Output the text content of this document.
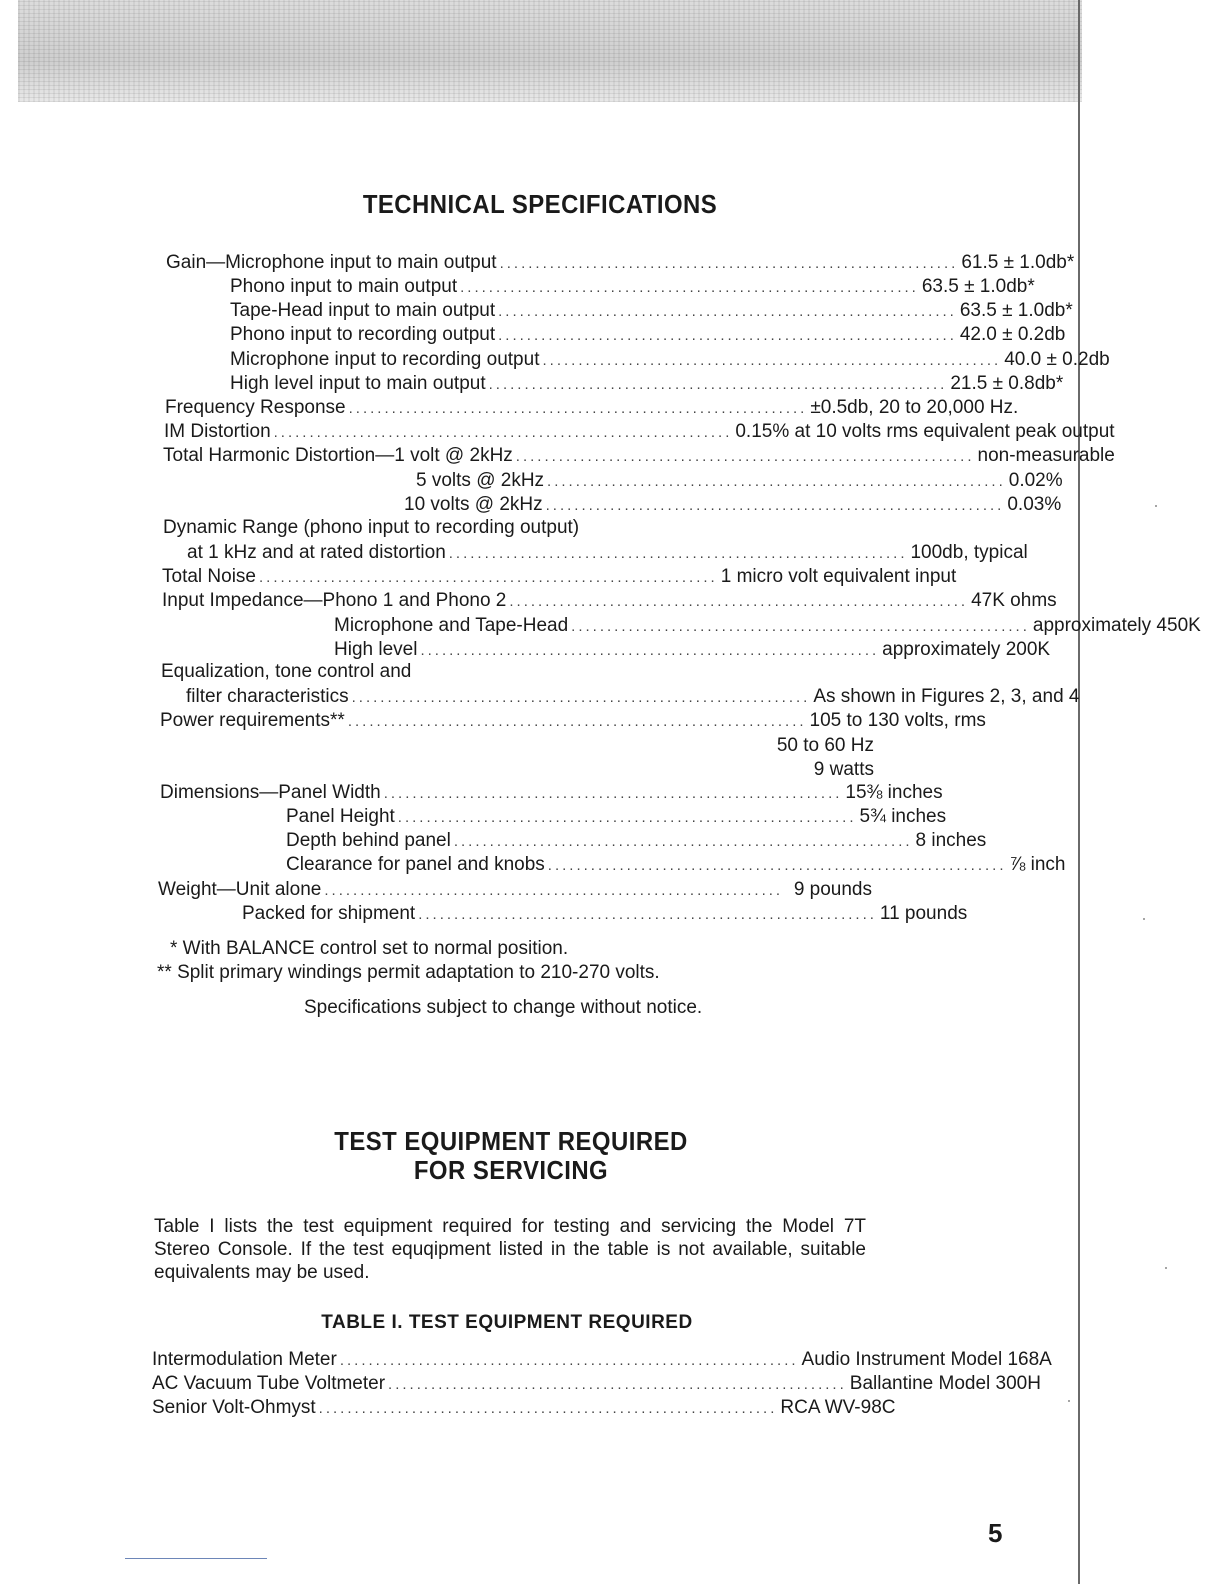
TECHNICAL SPECIFICATIONS
Gain—Microphone input to main output ................................................................ 61.5 ± 1.0db*
Phono input to main output ................................................................ 63.5 ± 1.0db*
Tape-Head input to main output ................................................................ 63.5 ± 1.0db*
Phono input to recording output ................................................................ 42.0 ± 0.2db
Microphone input to recording output ................................................................ 40.0 ± 0.2db
High level input to main output ................................................................ 21.5 ± 0.8db*
Frequency Response ................................................................ ±0.5db, 20 to 20,000 Hz.
IM Distortion ................................................................ 0.15% at 10 volts rms equivalent peak output
Total Harmonic Distortion—1 volt @ 2kHz ................................................................ non-measurable
5 volts @ 2kHz ................................................................ 0.02%
10 volts @ 2kHz ................................................................ 0.03%
Dynamic Range (phono input to recording output)
at 1 kHz and at rated distortion ................................................................ 100db, typical
Total Noise ................................................................ 1 micro volt equivalent input
Input Impedance—Phono 1 and Phono 2 ................................................................ 47K ohms
Microphone and Tape-Head ................................................................ approximately 450K
High level ................................................................ approximately 200K
Equalization, tone control and
filter characteristics ................................................................ As shown in Figures 2, 3, and 4
Power requirements** ................................................................ 105 to 130 volts, rms
50 to 60 Hz
9 watts
Dimensions—Panel Width ................................................................ 15⅜ inches
Panel Height ................................................................ 5¾ inches
Depth behind panel ................................................................ 8 inches
Clearance for panel and knobs ................................................................ ⅞ inch
Weight—Unit alone ................................................................ 9 pounds
Packed for shipment ................................................................ 11 pounds
* With BALANCE control set to normal position.
** Split primary windings permit adaptation to 210-270 volts.
Specifications subject to change without notice.
TEST EQUIPMENT REQUIRED
FOR SERVICING
Table I lists the test equipment required for testing and servicing the Model 7T Stereo Console. If the test equqipment listed in the table is not available, suitable equivalents may be used.
TABLE I. TEST EQUIPMENT REQUIRED
Intermodulation Meter ................................................................ Audio Instrument Model 168A
AC Vacuum Tube Voltmeter ................................................................ Ballantine Model 300H
Senior Volt-Ohmyst ................................................................ RCA WV-98C
5
